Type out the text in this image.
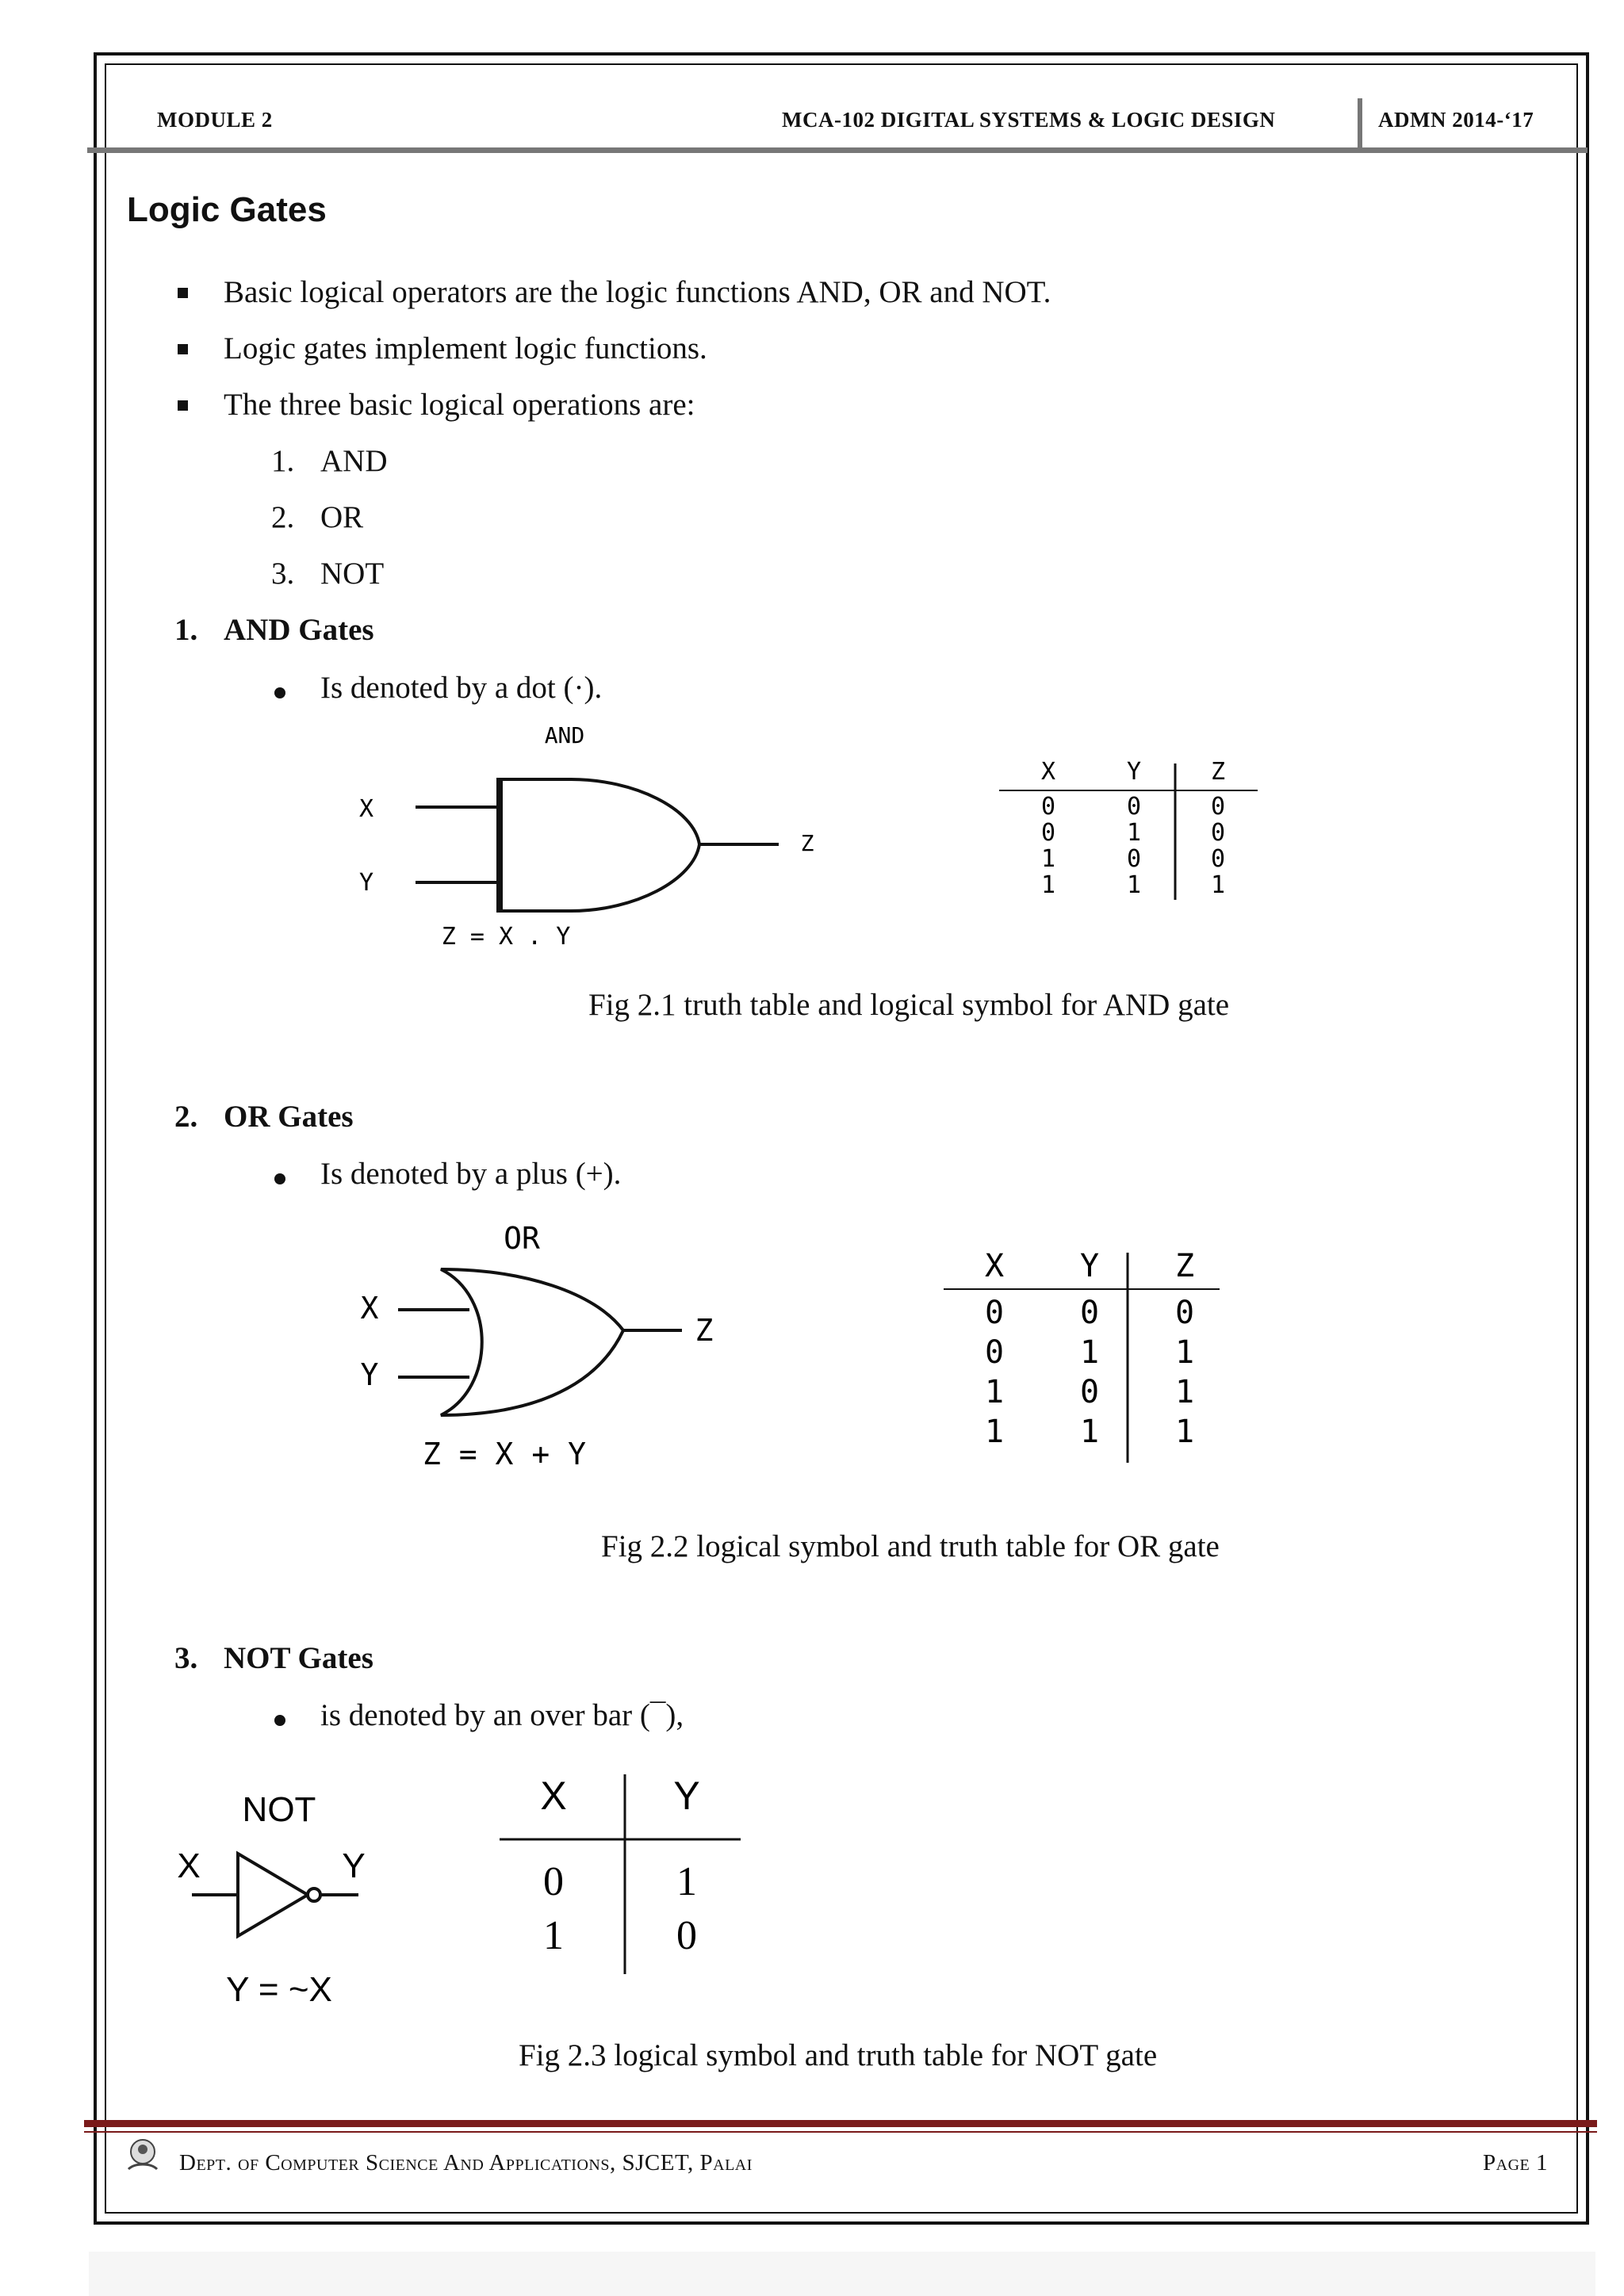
MODULE 2	MCA-102 DIGITAL SYSTEMS & LOGIC DESIGN	ADMN 2014-‘17
Logic Gates
Basic logical operators are the logic functions AND, OR and NOT.
Logic gates implement logic functions.
The three basic logical operations are:
1. AND
2. OR
3. NOT
1. AND Gates
Is denoted by a dot (·).
AND
X
Y
Z
Z = X . Y
X	Y	Z
0	0	0
0	1	0
1	0	0
1	1	1
Fig 2.1 truth table and logical symbol for AND gate
2. OR Gates
Is denoted by a plus (+).
OR
X
Y
Z
Z = X + Y
X Y Z
0 0 0
0 1 1
1 0 1
1 1 1
Fig 2.2 logical symbol and truth table for OR gate
3. NOT Gates
is denoted by an over bar (¯),
NOT
X	Y
Y = ~X
X	Y
0	1
1	0
Fig 2.3 logical symbol and truth table for NOT gate
Dept. of Computer Science And Applications, SJCET, Palai	Page 1
